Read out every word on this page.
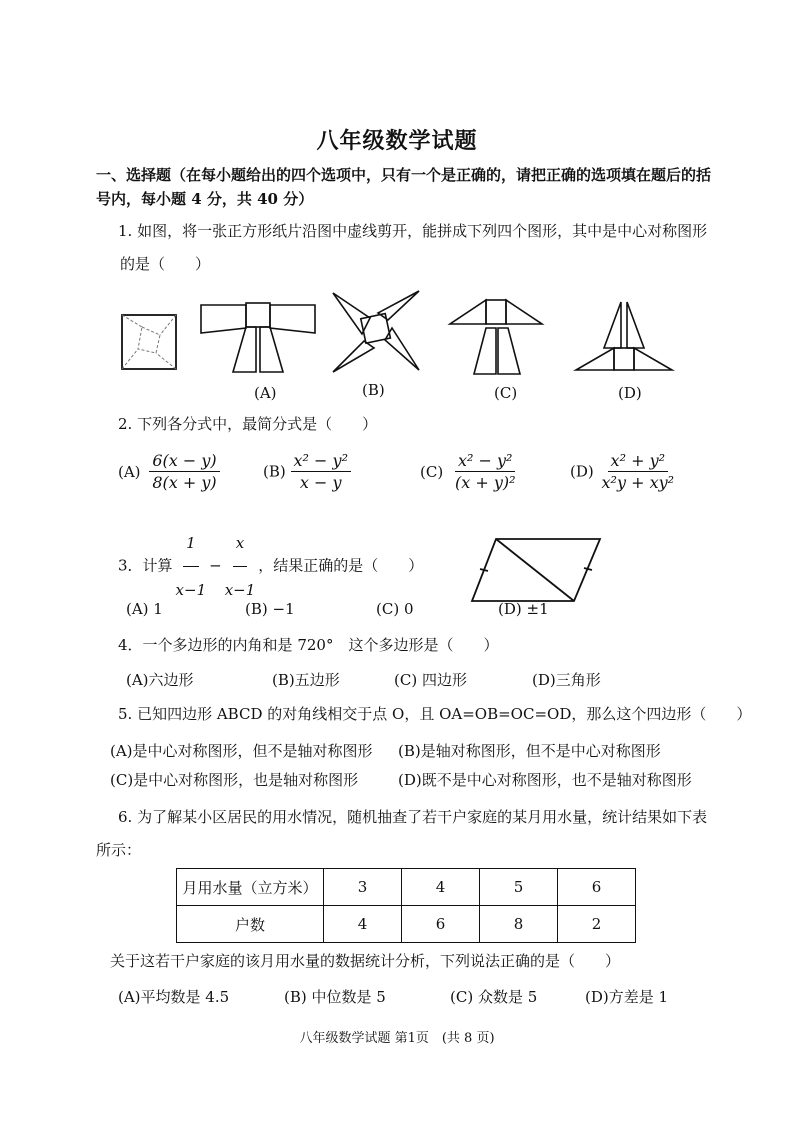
八年级数学试题
一、选择题（在每小题给出的四个选项中，只有一个是正确的，请把正确的选项填在题后的括号内，每小题 4 分，共 40 分）
1. 如图，将一张正方形纸片沿图中虚线剪开，能拼成下列四个图形，其中是中心对称图形
的是（　　）
(A)	(B)	(C)	(D)
2. 下列各分式中，最简分式是（　　）
$(A) \frac{6(x - y)}{8(x + y)}$	$(B) \frac{\text{x² − y²}}{x - y}$	$(C) \frac{\text{x² − y²}}{\text{(x + y)²}}$	$(D) \frac{\text{x² + y²}}{\text{x²y + xy²}}$
3．计算 $\frac{1}{x-1} - \frac{x}{x-1}$ ，结果正确的是（　　）
(A) 1	(B) −1	(C) 0	(D) ±1
4．一个多边形的内角和是 720°　这个多边形是（　　）
(A)六边形	(B)五边形	(C) 四边形	(D)三角形
5. 已知四边形 ABCD 的对角线相交于点 O，且 OA=OB=OC=OD，那么这个四边形（　　）
(A)是中心对称图形，但不是轴对称图形 (B)是轴对称图形，但不是中心对称图形
(C)是中心对称图形，也是轴对称图形	(D)既不是中心对称图形，也不是轴对称图形
6. 为了解某小区居民的用水情况，随机抽查了若干户家庭的某月用水量，统计结果如下表
所示：
月用水量（立方米）	3	4	5	6
户数	4	6	8	2
关于这若干户家庭的该月用水量的数据统计分析，下列说法正确的是（　　）
(A)平均数是 4.5	(B) 中位数是 5	(C) 众数是 5	(D)方差是 1
八年级数学试题 第1页　(共 8 页)
